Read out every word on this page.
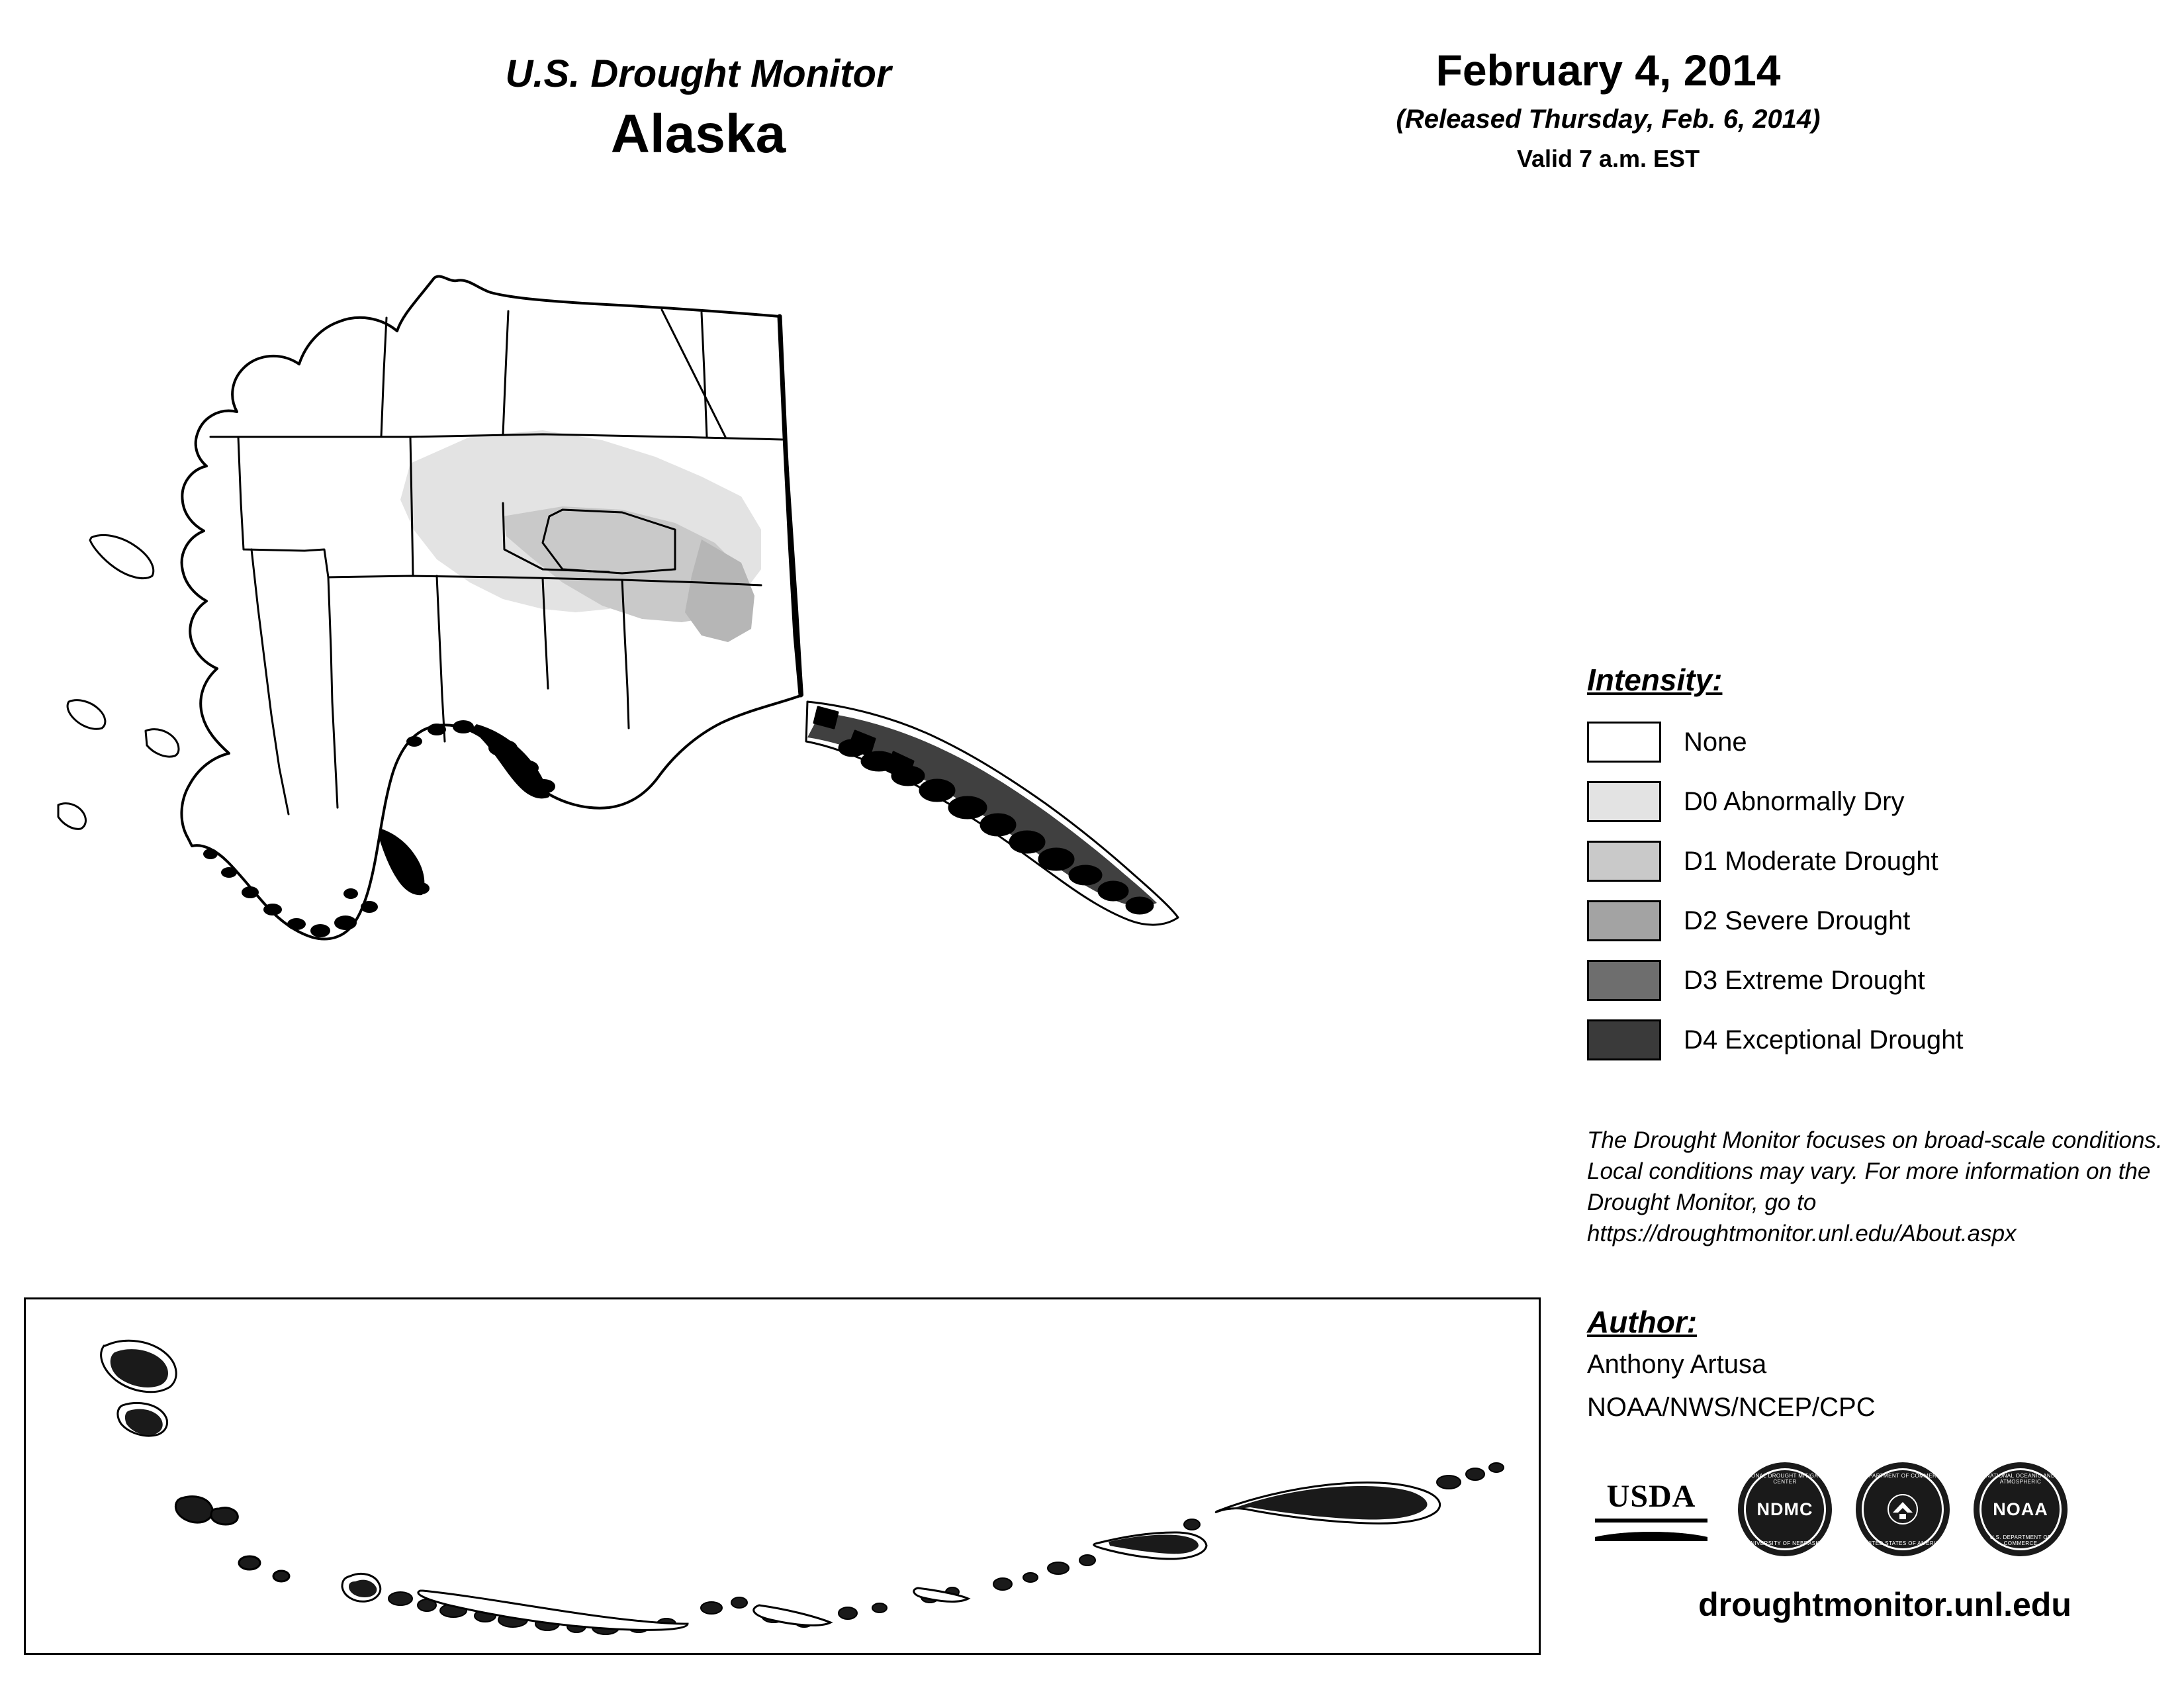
U.S. Drought Monitor
Alaska
February 4, 2014
(Released Thursday, Feb. 6, 2014)
Valid 7 a.m. EST
Intensity:
None
D0 Abnormally Dry
D1 Moderate Drought
D2 Severe Drought
D3 Extreme Drought
D4 Exceptional Drought
The Drought Monitor focuses on broad-scale conditions. Local conditions may vary. For more information on the Drought Monitor, go to https://droughtmonitor.unl.edu/About.aspx
Author:
Anthony Artusa
NOAA/NWS/NCEP/CPC
USDA
NATIONAL DROUGHT MITIGATION CENTER
NDMC
UNIVERSITY OF NEBRASKA
DEPARTMENT OF COMMERCE
UNITED STATES OF AMERICA
NATIONAL OCEANIC AND ATMOSPHERIC
NOAA
U.S. DEPARTMENT OF COMMERCE
droughtmonitor.unl.edu
